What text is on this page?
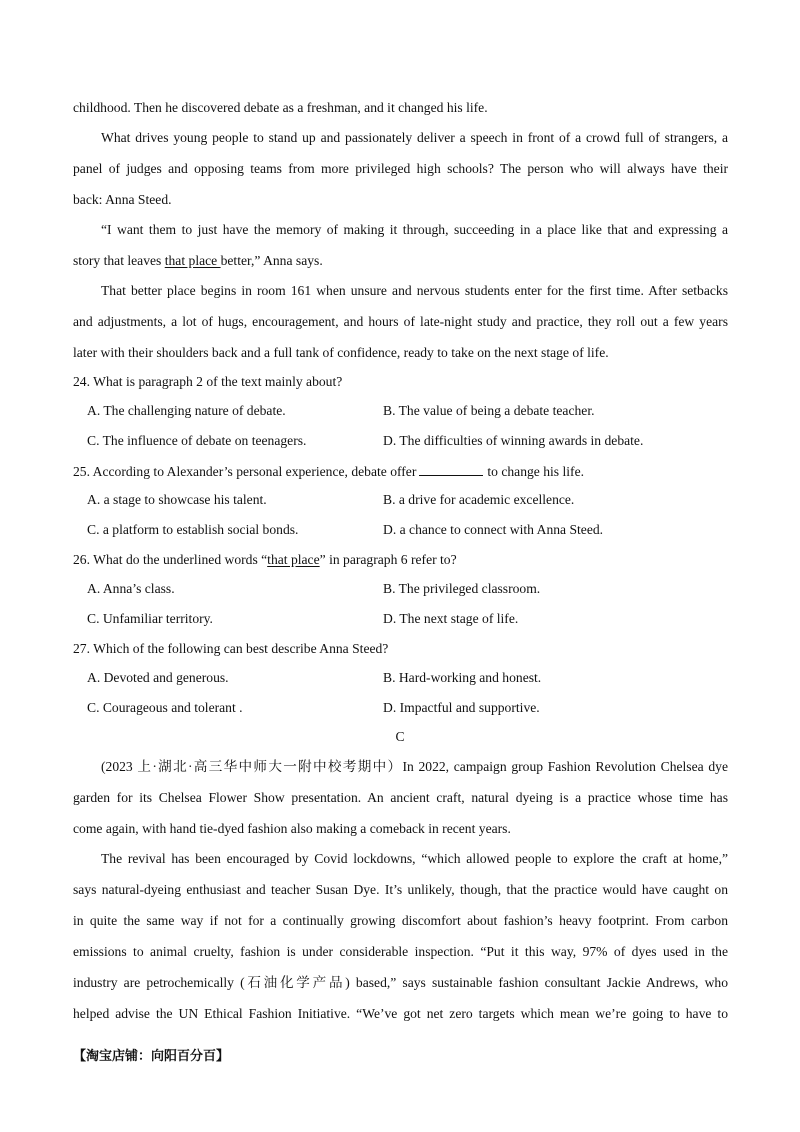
childhood. Then he discovered debate as a freshman, and it changed his life.
What drives young people to stand up and passionately deliver a speech in front of a crowd full of strangers, a
panel of judges and opposing teams from more privileged high schools? The person who will always have their
back: Anna Steed.
“I want them to just have the memory of making it through, succeeding in a place like that and expressing a
story that leaves that place better,” Anna says.
That better place begins in room 161 when unsure and nervous students enter for the first time. After setbacks
and adjustments, a lot of hugs, encouragement, and hours of late-night study and practice, they roll out a few years
later with their shoulders back and a full tank of confidence, ready to take on the next stage of life.
24. What is paragraph 2 of the text mainly about?
A. The challenging nature of debate.	B. The value of being a debate teacher.
C. The influence of debate on teenagers.	D. The difficulties of winning awards in debate.
25. According to Alexander’s personal experience, debate offer	to change his life.
A. a stage to showcase his talent.	B. a drive for academic excellence.
C. a platform to establish social bonds.	D. a chance to connect with Anna Steed.
26. What do the underlined words “that place” in paragraph 6 refer to?
A. Anna’s class.	B. The privileged classroom.
C. Unfamiliar territory.	D. The next stage of life.
27. Which of the following can best describe Anna Steed?
A. Devoted and generous.	B. Hard-working and honest.
C. Courageous and tolerant .	D. Impactful and supportive.
C
(2023 上·湖北·高三华中师大一附中校考期中）In 2022, campaign group Fashion Revolution Chelsea dye
garden for its Chelsea Flower Show presentation. An ancient craft, natural dyeing is a practice whose time has
come again, with hand tie-dyed fashion also making a comeback in recent years.
The revival has been encouraged by Covid lockdowns, “which allowed people to explore the craft at home,”
says natural-dyeing enthusiast and teacher Susan Dye. It’s unlikely, though, that the practice would have caught on
in quite the same way if not for a continually growing discomfort about fashion’s heavy footprint. From carbon
emissions to animal cruelty, fashion is under considerable inspection. “Put it this way, 97% of dyes used in the
industry are petrochemically (石油化学产品) based,” says sustainable fashion consultant Jackie Andrews, who
helped advise the UN Ethical Fashion Initiative. “We’ve got net zero targets which mean we’re going to have to
【淘宝店铺：向阳百分百】
